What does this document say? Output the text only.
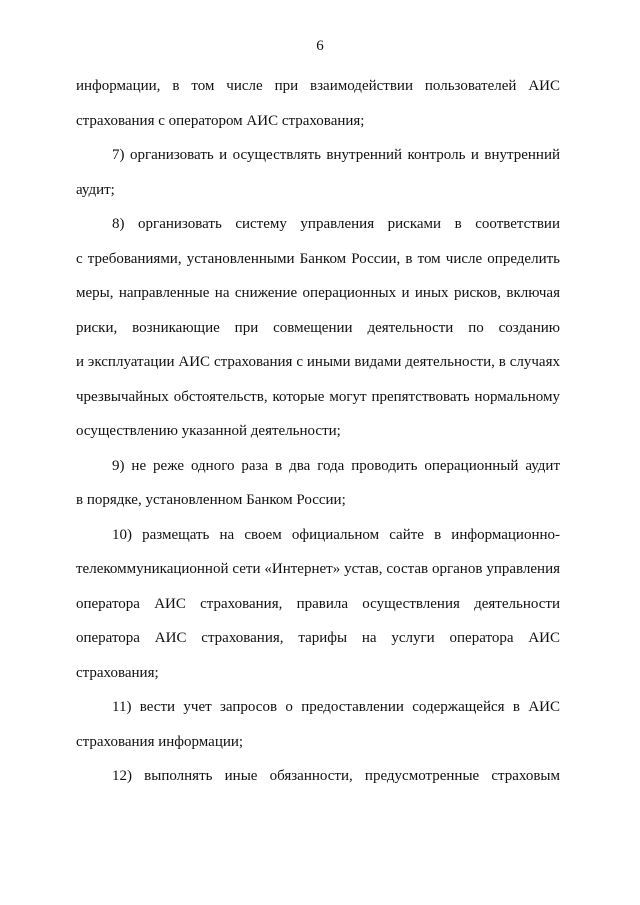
6
информации, в том числе при взаимодействии пользователей АИС
страхования с оператором АИС страхования;
7) организовать и осуществлять внутренний контроль и внутренний
аудит;
8) организовать систему управления рисками в соответствии
с требованиями, установленными Банком России, в том числе определить
меры, направленные на снижение операционных и иных рисков, включая
риски, возникающие при совмещении деятельности по созданию
и эксплуатации АИС страхования с иными видами деятельности, в случаях
чрезвычайных обстоятельств, которые могут препятствовать нормальному
осуществлению указанной деятельности;
9) не реже одного раза в два года проводить операционный аудит
в порядке, установленном Банком России;
10) размещать на своем официальном сайте в информационно-
телекоммуникационной сети «Интернет» устав, состав органов управления
оператора АИС страхования, правила осуществления деятельности
оператора АИС страхования, тарифы на услуги оператора АИС
страхования;
11) вести учет запросов о предоставлении содержащейся в АИС
страхования информации;
12) выполнять иные обязанности, предусмотренные страховым
